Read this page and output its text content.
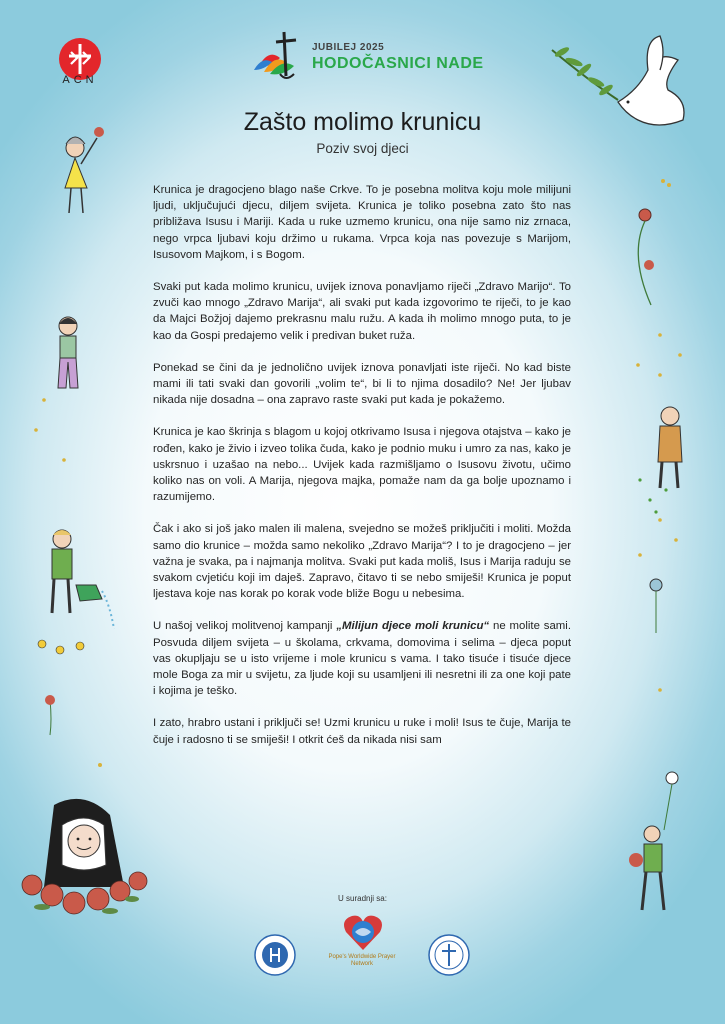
ACN
JUBILEJ 2025
HODOČASNICI NADE
Zašto molimo krunicu
Poziv svoj djeci

Krunica je dragocjeno blago naše Crkve. To je posebna molitva koju mole milijuni ljudi, uključujući djecu, diljem svijeta. Krunica je toliko posebna zato što nas približava Isusu i Mariji. Kada u ruke uzmemo krunicu, ona nije samo niz zrnaca, nego vrpca ljubavi koju držimo u rukama. Vrpca koja nas povezuje s Marijom, Isusovom Majkom, i s Bogom.

Svaki put kada molimo krunicu, uvijek iznova ponavljamo riječi „Zdravo Marijo“. To zvuči kao mnogo „Zdravo Marija“, ali svaki put kada izgovorimo te riječi, to je kao da Majci Božjoj dajemo prekrasnu malu ružu. A kada ih molimo mnogo puta, to je kao da Gospi predajemo velik i predivan buket ruža.

Ponekad se čini da je jednolično uvijek iznova ponavljati iste riječi. No kad biste mami ili tati svaki dan govorili „volim te“, bi li to njima dosadilo? Ne! Jer ljubav nikada nije dosadna – ona zapravo raste svaki put kada je pokažemo.

Krunica je kao škrinja s blagom u kojoj otkrivamo Isusa i njegova otajstva – kako je rođen, kako je živio i izveo tolika čuda, kako je podnio muku i umro za nas, kako je uskrsnuo i uzašao na nebo... Uvijek kada razmišljamo o Isusovu životu, učimo koliko nas on voli. A Marija, njegova majka, pomaže nam da ga bolje upoznamo i razumijemo.

Čak i ako si još jako malen ili malena, svejedno se možeš priključiti i moliti. Možda samo dio krunice – možda samo nekoliko „Zdravo Marija“? I to je dragocjeno – jer važna je svaka, pa i najmanja molitva. Svaki put kada moliš, Isus i Marija raduju se svakom cvjetiću koji im daješ. Zapravo, čitavo ti se nebo smiješi! Krunica je poput ljestava koje nas korak po korak vode bliže Bogu u nebesima.

U našoj velikoj molitvenoj kampanji „Milijun djece moli krunicu“ ne molite sami. Posvuda diljem svijeta – u školama, crkvama, domovima i selima – djeca poput vas okupljaju se u isto vrijeme i mole krunicu s vama. I tako tisuće i tisuće djece mole Boga za mir u svijetu, za ljude koji su usamljeni ili nesretni ili za one koji pate i kojima je teško.

I zato, hrabro ustani i priključi se! Uzmi krunicu u ruke i moli! Isus te čuje, Marija te čuje i radosno ti se smiješi! I otkrit ćeš da nikada nisi sam

U suradnji sa:
Pope's Worldwide Prayer Network
